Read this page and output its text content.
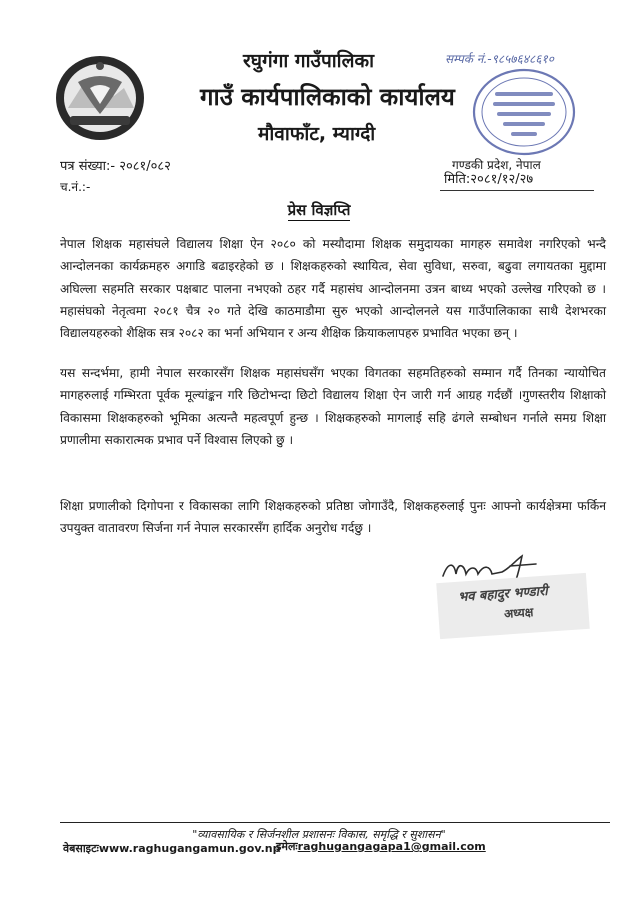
रघुगंगा गाउँपालिका
गाउँ कार्यपालिकाको कार्यालय
मौवाफाँट, म्याग्दी
सम्पर्क नं.-९८५७६४८६१०
पत्र संख्या:- २०८१/०८२
च.नं.:-
गण्डकी प्रदेश, नेपाल
मिति:२०८१/१२/२७
प्रेस विज्ञप्ति
नेपाल शिक्षक महासंघले विद्यालय शिक्षा ऐन २०८० को मस्यौदामा शिक्षक समुदायका मागहरु समावेश नगरिएको भन्दै आन्दोलनका कार्यक्रमहरु अगाडि बढाइरहेको छ । शिक्षकहरुको स्थायित्व, सेवा सुविधा, सरुवा, बढुवा लगायतका मुद्दामा अघिल्ला सहमति सरकार पक्षबाट पालना नभएको ठहर गर्दै महासंघ आन्दोलनमा उत्रन बाध्य भएको उल्लेख गरिएको छ । महासंघको नेतृत्वमा २०८१ चैत्र २० गते देखि काठमाडौमा सुरु भएको आन्दोलनले यस गाउँपालिकाका साथै देशभरका विद्यालयहरुको शैक्षिक सत्र २०८२ का भर्ना अभियान र अन्य शैक्षिक क्रियाकलापहरु प्रभावित भएका छन् ।
यस सन्दर्भमा, हामी नेपाल सरकारसँग शिक्षक महासंघसँग भएका विगतका सहमतिहरुको सम्मान गर्दै तिनका न्यायोचित मागहरुलाई गम्भिरता पूर्वक मूल्यांङ्कन गरि छिटोभन्दा छिटो विद्यालय शिक्षा ऐन जारी गर्न आग्रह गर्दछौं ।गुणस्तरीय शिक्षाको विकासमा शिक्षकहरुको भूमिका अत्यन्तै महत्वपूर्ण हुन्छ । शिक्षकहरुको मागलाई सहि ढंगले सम्बोधन गर्नाले समग्र शिक्षा प्रणालीमा सकारात्मक प्रभाव पर्ने विश्वास लिएको छु ।
शिक्षा प्रणालीको दिगोपना र विकासका लागि शिक्षकहरुको प्रतिष्ठा जोगाउँदै, शिक्षकहरुलाई पुनः आफ्नो कार्यक्षेत्रमा फर्किन उपयुक्त वातावरण सिर्जना गर्न नेपाल सरकारसँग हार्दिक अनुरोध गर्दछु ।
भव बहादुर भण्डारी
अध्यक्ष
"व्यावसायिक र सिर्जनशील प्रशासनः विकास, समृद्धि र सुशासन"
वेबसाइटःwww.raghugangamun.gov.np
इमेलःraghugangagapa1@gmail.com
